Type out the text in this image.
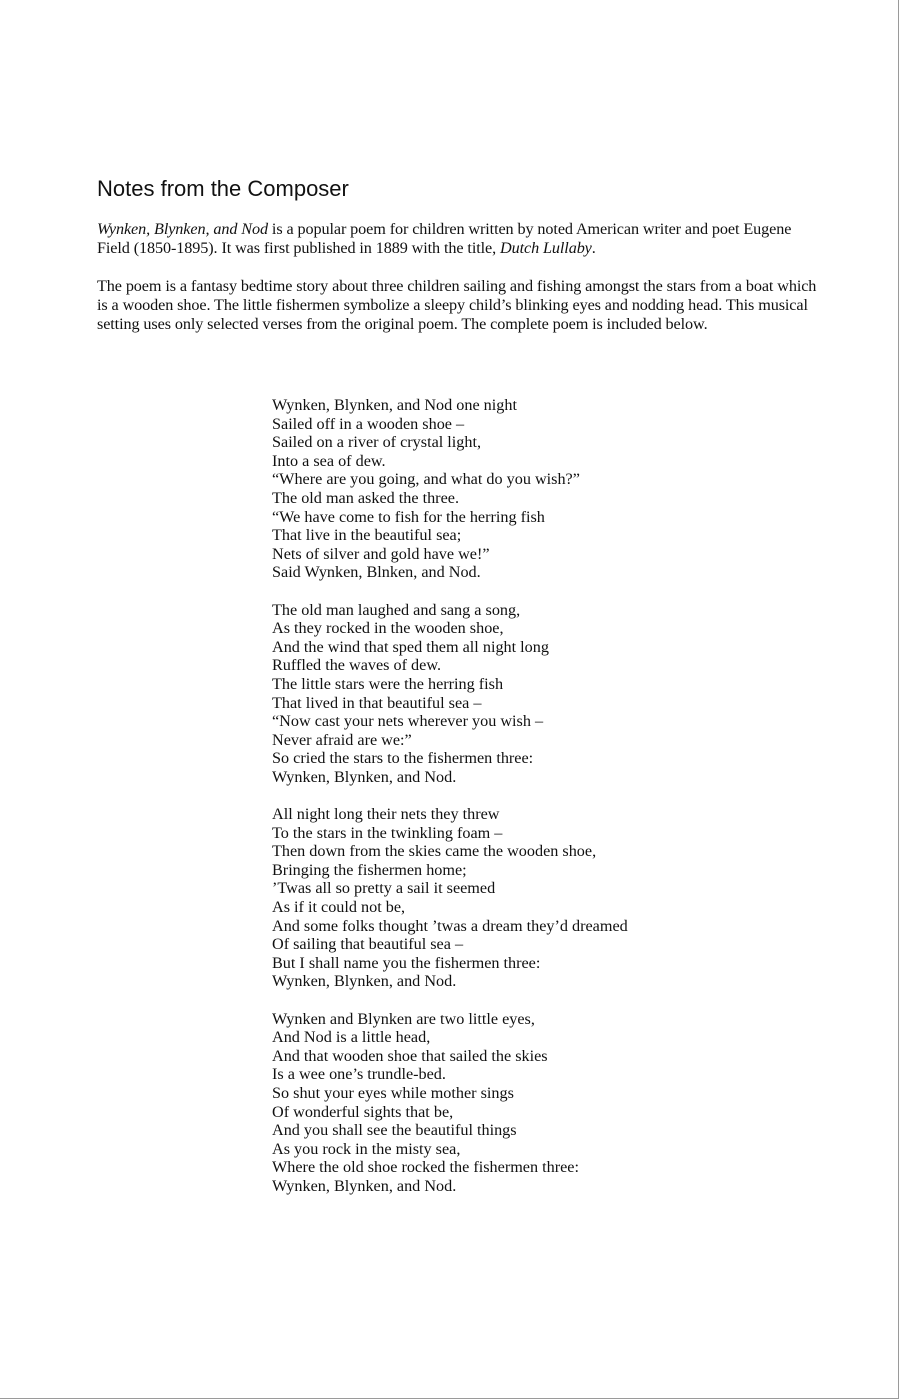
Notes from the Composer

Wynken, Blynken, and Nod is a popular poem for children written by noted American writer and poet Eugene Field (1850-1895). It was first published in 1889 with the title, Dutch Lullaby.

The poem is a fantasy bedtime story about three children sailing and fishing amongst the stars from a boat which is a wooden shoe. The little fishermen symbolize a sleepy child’s blinking eyes and nodding head. This musical setting uses only selected verses from the original poem. The complete poem is included below.

Wynken, Blynken, and Nod one night
Sailed off in a wooden shoe –
Sailed on a river of crystal light,
Into a sea of dew.
“Where are you going, and what do you wish?”
The old man asked the three.
“We have come to fish for the herring fish
That live in the beautiful sea;
Nets of silver and gold have we!”
Said Wynken, Blnken, and Nod.
The old man laughed and sang a song,
As they rocked in the wooden shoe,
And the wind that sped them all night long
Ruffled the waves of dew.
The little stars were the herring fish
That lived in that beautiful sea –
“Now cast your nets wherever you wish –
Never afraid are we:”
So cried the stars to the fishermen three:
Wynken, Blynken, and Nod.
All night long their nets they threw
To the stars in the twinkling foam –
Then down from the skies came the wooden shoe,
Bringing the fishermen home;
’Twas all so pretty a sail it seemed
As if it could not be,
And some folks thought ’twas a dream they’d dreamed
Of sailing that beautiful sea –
But I shall name you the fishermen three:
Wynken, Blynken, and Nod.
Wynken and Blynken are two little eyes,
And Nod is a little head,
And that wooden shoe that sailed the skies
Is a wee one’s trundle-bed.
So shut your eyes while mother sings
Of wonderful sights that be,
And you shall see the beautiful things
As you rock in the misty sea,
Where the old shoe rocked the fishermen three:
Wynken, Blynken, and Nod.
